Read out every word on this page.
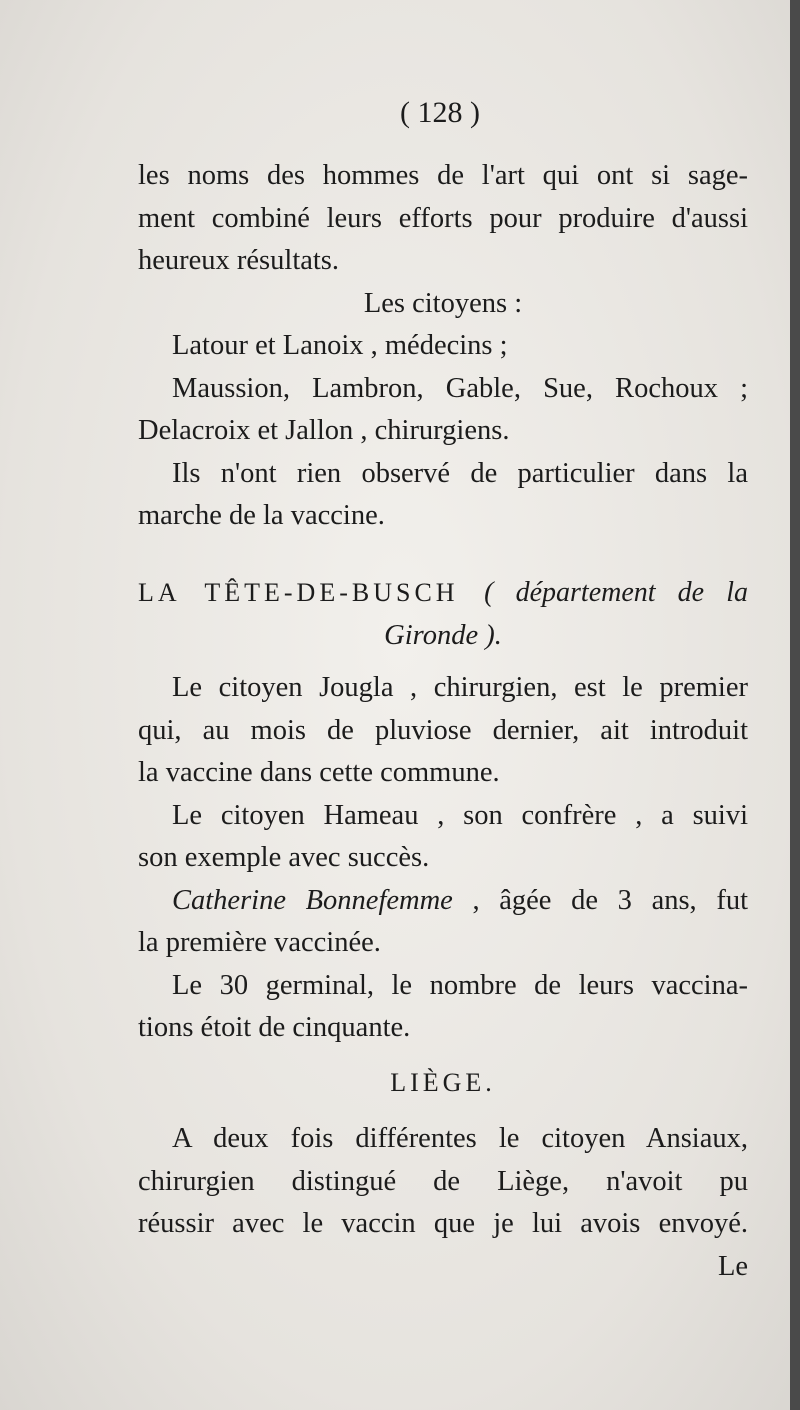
( 128 )
les noms des hommes de l'art qui ont si sage-
ment combiné leurs efforts pour produire d'aussi
heureux résultats.
Les citoyens :
Latour et Lanoix , médecins ;
Maussion, Lambron, Gable, Sue, Rochoux ;
Delacroix et Jallon , chirurgiens.
Ils n'ont rien observé de particulier dans la
marche de la vaccine.
LA TÊTE-DE-BUSCH ( département de la
Gironde ).
Le citoyen Jougla , chirurgien, est le premier
qui, au mois de pluviose dernier, ait introduit
la vaccine dans cette commune.
Le citoyen Hameau , son confrère , a suivi
son exemple avec succès.
Catherine Bonnefemme , âgée de 3 ans, fut
la première vaccinée.
Le 30 germinal, le nombre de leurs vaccina-
tions étoit de cinquante.
LIÈGE.
A deux fois différentes le citoyen Ansiaux,
chirurgien distingué de Liège, n'avoit pu
réussir avec le vaccin que je lui avois envoyé.
Le
